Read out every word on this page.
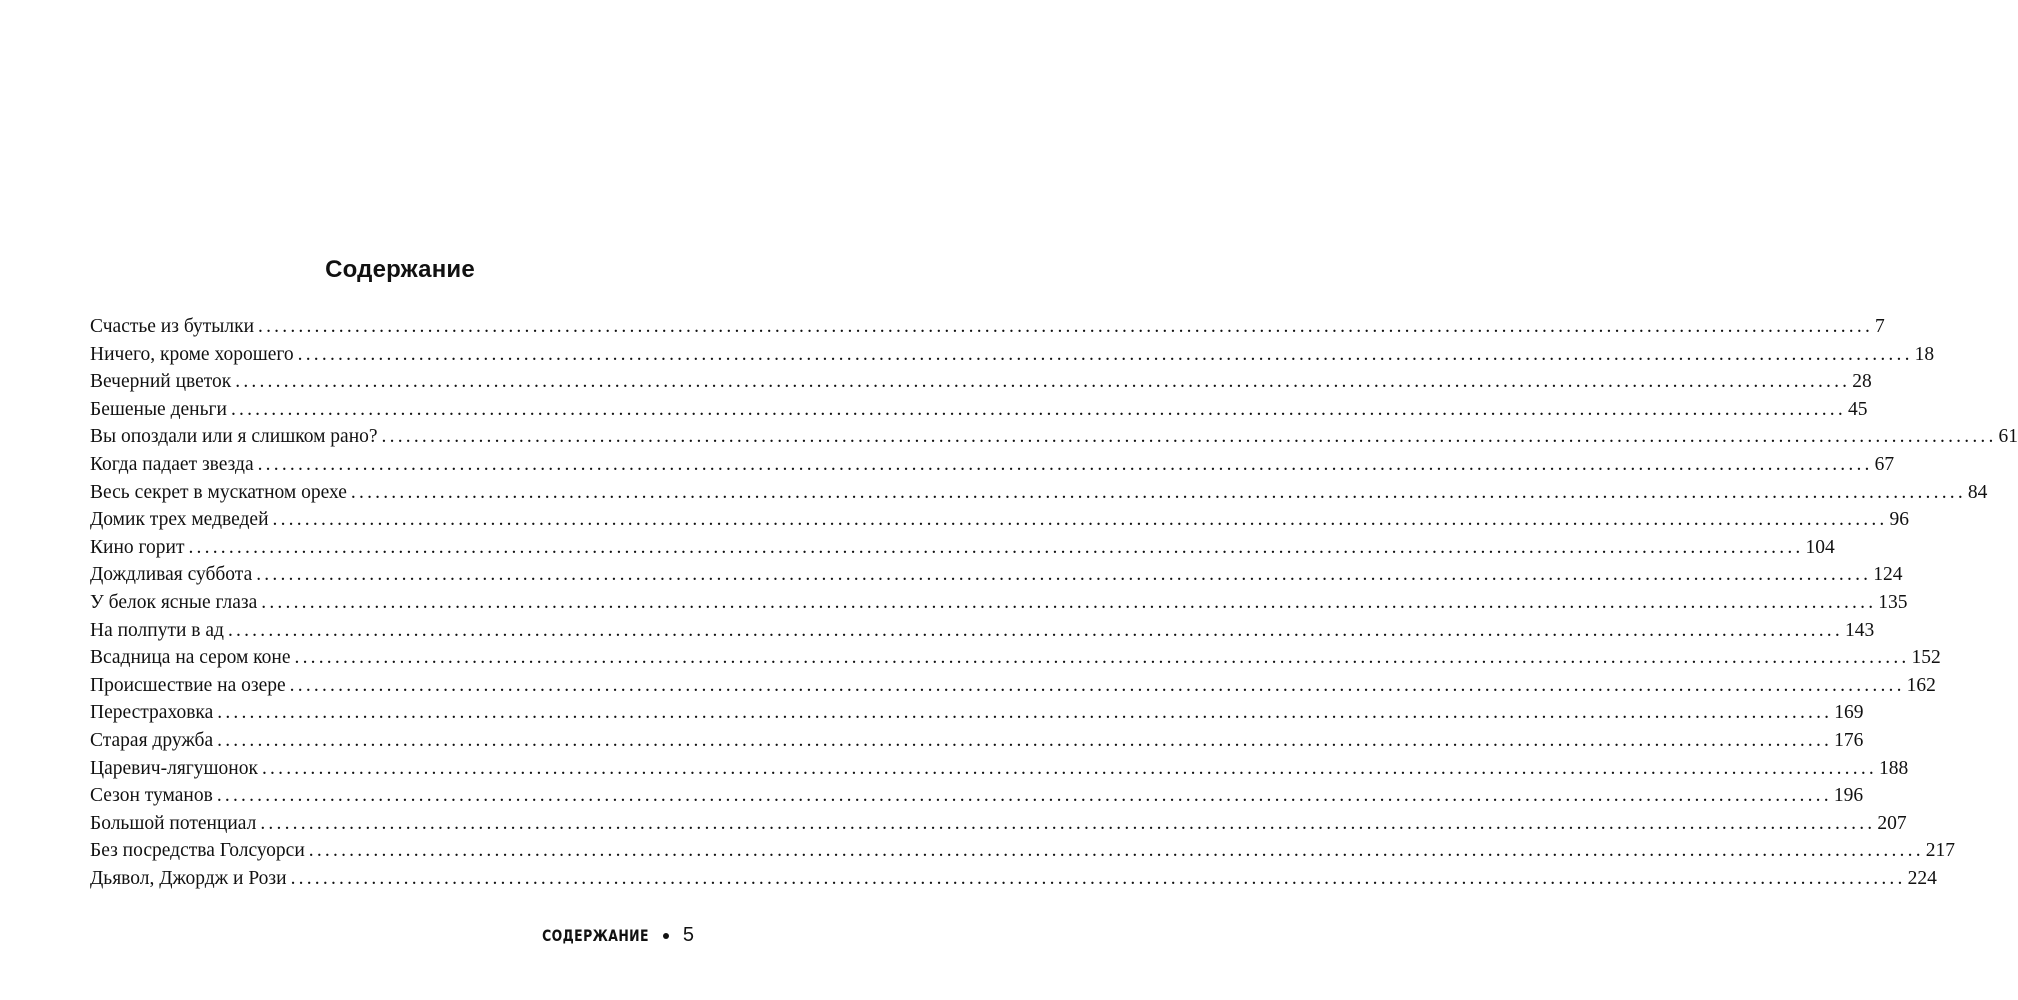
Содержание
Счастье из бутылки ........................................................................................................................................................................................................ 7
Ничего, кроме хорошего ........................................................................................................................................................................................................ 18
Вечерний цветок ........................................................................................................................................................................................................ 28
Бешеные деньги ........................................................................................................................................................................................................ 45
Вы опоздали или я слишком рано? ........................................................................................................................................................................................................ 61
Когда падает звезда ........................................................................................................................................................................................................ 67
Весь секрет в мускатном орехе ........................................................................................................................................................................................................ 84
Домик трех медведей ........................................................................................................................................................................................................ 96
Кино горит ........................................................................................................................................................................................................ 104
Дождливая суббота ........................................................................................................................................................................................................ 124
У белок ясные глаза ........................................................................................................................................................................................................ 135
На полпути в ад ........................................................................................................................................................................................................ 143
Всадница на сером коне ........................................................................................................................................................................................................ 152
Происшествие на озере ........................................................................................................................................................................................................ 162
Перестраховка ........................................................................................................................................................................................................ 169
Старая дружба ........................................................................................................................................................................................................ 176
Царевич-лягушонок ........................................................................................................................................................................................................ 188
Сезон туманов ........................................................................................................................................................................................................ 196
Большой потенциал ........................................................................................................................................................................................................ 207
Без посредства Голсуорси ........................................................................................................................................................................................................ 217
Дьявол, Джордж и Рози ........................................................................................................................................................................................................ 224
СОДЕРЖАНИЕ 5
